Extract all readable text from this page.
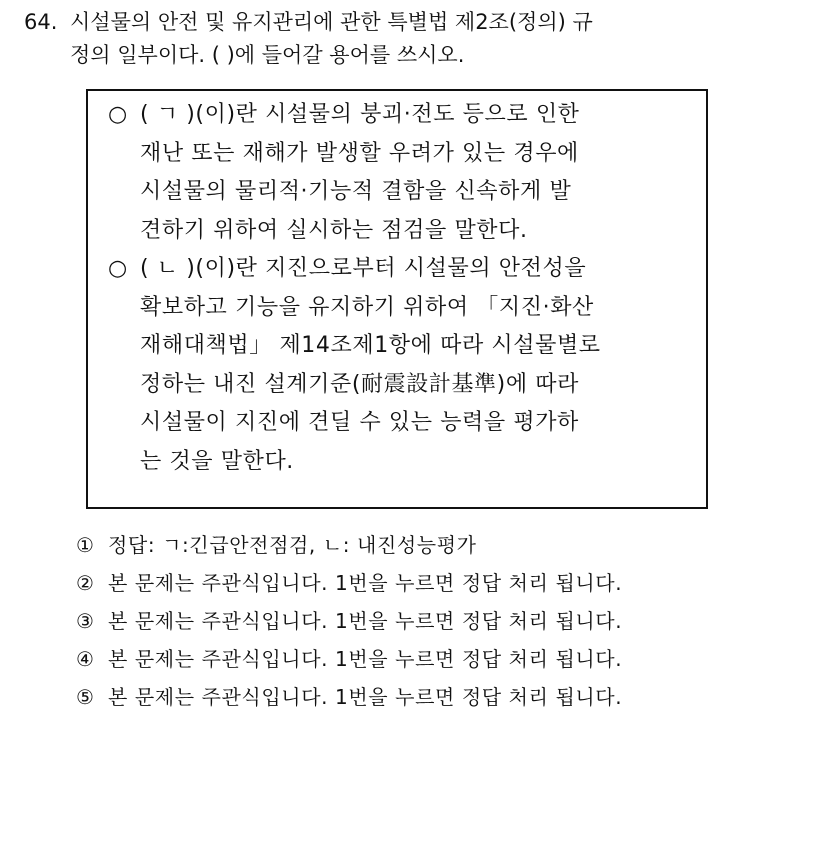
64. 시설물의 안전 및 유지관리에 관한 특별법 제2조(정의) 규
정의 일부이다. ( )에 들어갈 용어를 쓰시오.
○ ( ㄱ )(이)란 시설물의 붕괴·전도 등으로 인한
재난 또는 재해가 발생할 우려가 있는 경우에
시설물의 물리적·기능적 결함을 신속하게 발
견하기 위하여 실시하는 점검을 말한다.
○ ( ㄴ )(이)란 지진으로부터 시설물의 안전성을
확보하고 기능을 유지하기 위하여 「지진·화산
재해대책법」 제14조제1항에 따라 시설물별로
정하는 내진 설계기준(耐震設計基準)에 따라
시설물이 지진에 견딜 수 있는 능력을 평가하
는 것을 말한다.
① 정답: ㄱ:긴급안전점검, ㄴ: 내진성능평가
② 본 문제는 주관식입니다. 1번을 누르면 정답 처리 됩니다.
③ 본 문제는 주관식입니다. 1번을 누르면 정답 처리 됩니다.
④ 본 문제는 주관식입니다. 1번을 누르면 정답 처리 됩니다.
⑤ 본 문제는 주관식입니다. 1번을 누르면 정답 처리 됩니다.
